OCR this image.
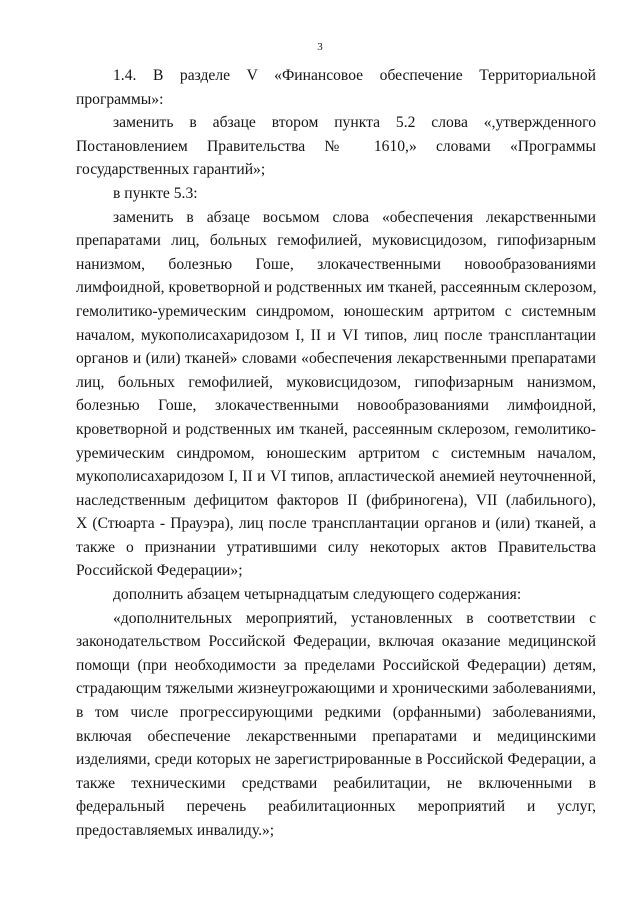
3
1.4. В разделе V «Финансовое обеспечение Территориальной
программы»:
заменить в абзаце втором пункта 5.2 слова «,утвержденного
Постановлением Правительства № 1610,» словами «Программы
государственных гарантий»;
в пункте 5.3:
заменить в абзаце восьмом слова «обеспечения лекарственными
препаратами лиц, больных гемофилией, муковисцидозом, гипофизарным
нанизмом, болезнью Гоше, злокачественными новообразованиями
лимфоидной, кроветворной и родственных им тканей, рассеянным склерозом,
гемолитико-уремическим синдромом, юношеским артритом с системным
началом, мукополисахаридозом I, II и VI типов, лиц после трансплантации
органов и (или) тканей» словами «обеспечения лекарственными препаратами
лиц, больных гемофилией, муковисцидозом, гипофизарным нанизмом,
болезнью Гоше, злокачественными новообразованиями лимфоидной,
кроветворной и родственных им тканей, рассеянным склерозом, гемолитико-
уремическим синдромом, юношеским артритом с системным началом,
мукополисахаридозом I, II и VI типов, апластической анемией неуточненной,
наследственным дефицитом факторов II (фибриногена), VII (лабильного),
X (Стюарта - Прауэра), лиц после трансплантации органов и (или) тканей, а
также о признании утратившими силу некоторых актов Правительства
Российской Федерации»;
дополнить абзацем четырнадцатым следующего содержания:
«дополнительных мероприятий, установленных в соответствии с
законодательством Российской Федерации, включая оказание медицинской
помощи (при необходимости за пределами Российской Федерации) детям,
страдающим тяжелыми жизнеугрожающими и хроническими заболеваниями,
в том числе прогрессирующими редкими (орфанными) заболеваниями,
включая обеспечение лекарственными препаратами и медицинскими
изделиями, среди которых не зарегистрированные в Российской Федерации, а
также техническими средствами реабилитации, не включенными в
федеральный перечень реабилитационных мероприятий и услуг,
предоставляемых инвалиду.»;
